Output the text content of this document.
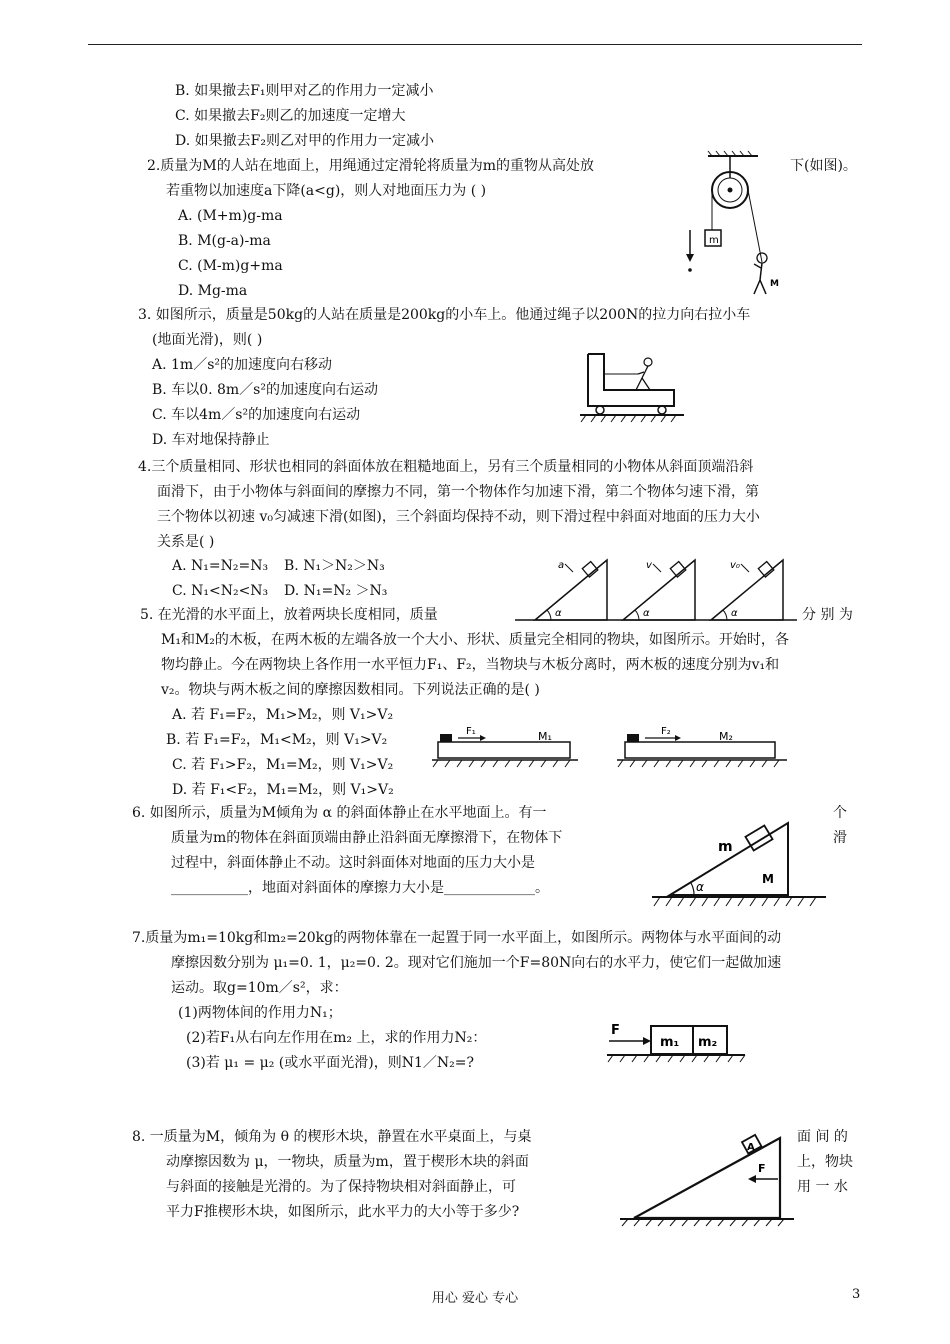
B. 如果撤去F₁则甲对乙的作用力一定减小
C. 如果撤去F₂则乙的加速度一定增大
D. 如果撤去F₂则乙对甲的作用力一定减小
2.质量为M的人站在地面上，用绳通过定滑轮将质量为m的重物从高处放	下(如图)。
若重物以加速度a下降(a<g)，则人对地面压力为 ( )
A. (M+m)g-ma
B. M(g-a)-ma
C. (M-m)g+ma
D. Mg-ma
m
M
3. 如图所示，质量是50kg的人站在质量是200kg的小车上。他通过绳子以200N的拉力向右拉小车
(地面光滑)，则( )
A. 1m／s²的加速度向右移动
B. 车以0. 8m／s²的加速度向右运动
C. 车以4m／s²的加速度向右运动
D. 车对地保持静止
4.三个质量相同、形状也相同的斜面体放在粗糙地面上，另有三个质量相同的小物体从斜面顶端沿斜
面滑下，由于小物体与斜面间的摩擦力不同，第一个物体作匀加速下滑，第二个物体匀速下滑，第
三个物体以初速 v₀匀减速下滑(如图)，三个斜面均保持不动，则下滑过程中斜面对地面的压力大小
关系是( )
A. N₁=N₂=N₃ B. N₁＞N₂＞N₃
C. N₁<N₂<N₃ D. N₁=N₂ ＞N₃
a	v	v₀
α	α	α
5. 在光滑的水平面上，放着两块长度相同，质量	分 别 为
M₁和M₂的木板，在两木板的左端各放一个大小、形状、质量完全相同的物块，如图所示。开始时，各
物均静止。今在两物块上各作用一水平恒力F₁、F₂，当物块与木板分离时，两木板的速度分别为v₁和
v₂。物块与两木板之间的摩擦因数相同。下列说法正确的是( )
A. 若 F₁=F₂，M₁>M₂，则 V₁>V₂
B. 若 F₁=F₂，M₁<M₂，则 V₁>V₂
C. 若 F₁>F₂，M₁=M₂，则 V₁>V₂
D. 若 F₁<F₂，M₁=M₂，则 V₁>V₂
F₁	M₁	F₂	M₂
6. 如图所示，质量为M倾角为 α 的斜面体静止在水平地面上。有一	个
质量为m的物体在斜面顶端由静止沿斜面无摩擦滑下，在物体下	滑
过程中，斜面体静止不动。这时斜面体对地面的压力大小是
___________，地面对斜面体的摩擦力大小是_____________。
m
M
α
7.质量为m₁=10kg和m₂=20kg的两物体靠在一起置于同一水平面上，如图所示。两物体与水平面间的动
摩擦因数分别为 μ₁=0. 1，μ₂=0. 2。现对它们施加一个F=80N向右的水平力，使它们一起做加速
运动。取g=10m／s²，求：
(1)两物体间的作用力N₁；
(2)若F₁从右向左作用在m₂ 上，求的作用力N₂：
(3)若 μ₁ = μ₂ (或水平面光滑)，则N1／N₂=?
F
m₁ m₂
8. 一质量为M，倾角为 θ 的楔形木块，静置在水平桌面上，与桌	面 间 的
动摩擦因数为 μ，一物块，质量为m，置于楔形木块的斜面	上，物块
与斜面的接触是光滑的。为了保持物块相对斜面静止，可	用 一 水
平力F推楔形木块，如图所示，此水平力的大小等于多少?
A
F
用心 爱心 专心	3
